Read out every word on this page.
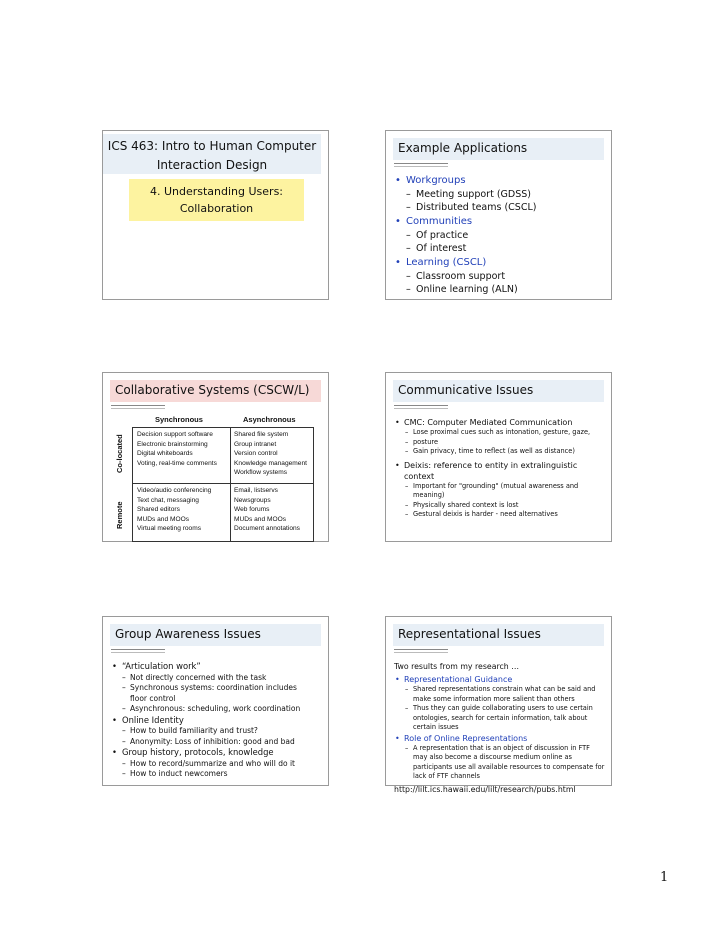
ICS 463: Intro to Human Computer
Interaction Design
4. Understanding Users:
Collaboration
Example Applications
• Workgroups
– Meeting support (GDSS)
– Distributed teams (CSCL)
• Communities
– Of practice
– Of interest
• Learning (CSCL)
– Classroom support
– Online learning (ALN)
Collaborative Systems (CSCW/L)
Synchronous	Asynchronous
Co-located
Remote
Decision support software
Electronic brainstorming
Digital whiteboards
Voting, real-time comments
Shared file system
Group intranet
Version control
Knowledge management
Workflow systems
Video/audio conferencing
Text chat, messaging
Shared editors
MUDs and MOOs
Virtual meeting rooms
Email, listservs
Newsgroups
Web forums
MUDs and MOOs
Document annotations
Communicative Issues
• CMC: Computer Mediated Communication
– Lose proximal cues such as intonation, gesture, gaze,
– posture
– Gain privacy, time to reflect (as well as distance)
• Deixis: reference to entity in extralinguistic
context
– Important for "grounding" (mutual awareness and
meaning)
– Physically shared context is lost
– Gestural deixis is harder - need alternatives
Group Awareness Issues
• “Articulation work”
– Not directly concerned with the task
– Synchronous systems: coordination includes
floor control
– Asynchronous: scheduling, work coordination
• Online Identity
– How to build familiarity and trust?
– Anonymity: Loss of inhibition: good and bad
• Group history, protocols, knowledge
– How to record/summarize and who will do it
– How to induct newcomers
Representational Issues
Two results from my research …
• Representational Guidance
– Shared representations constrain what can be said and
make some information more salient than others
– Thus they can guide collaborating users to use certain
ontologies, search for certain information, talk about
certain issues
• Role of Online Representations
– A representation that is an object of discussion in FTF
may also become a discourse medium online as
participants use all available resources to compensate for
lack of FTF channels
http://lilt.ics.hawaii.edu/lilt/research/pubs.html
1
